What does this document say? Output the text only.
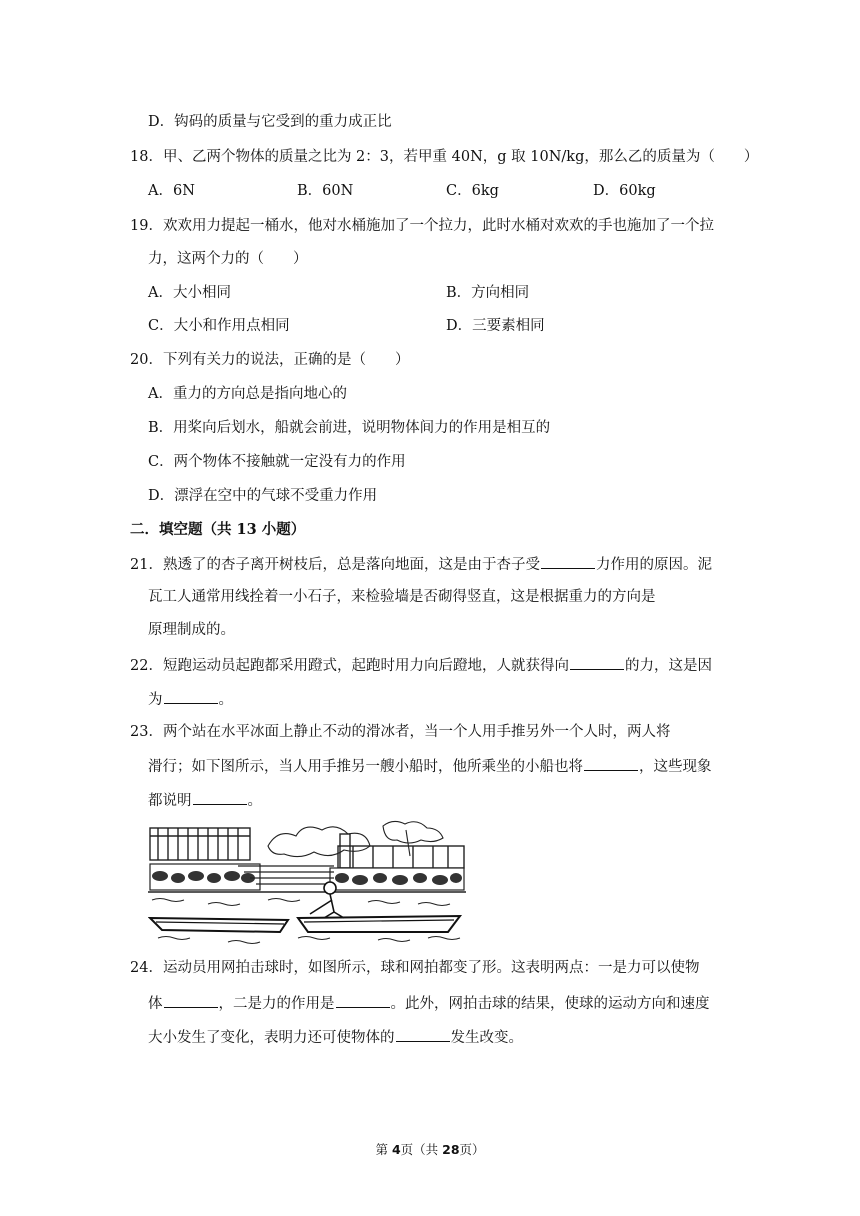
D．钩码的质量与它受到的重力成正比
18．甲、乙两个物体的质量之比为 2：3，若甲重 40N，g 取 10N/kg，那么乙的质量为（　　）
A．6N	B．60N	C．6kg	D．60kg
19．欢欢用力提起一桶水，他对水桶施加了一个拉力，此时水桶对欢欢的手也施加了一个拉
力，这两个力的（　　）
A．大小相同	B．方向相同
C．大小和作用点相同	D．三要素相同
20．下列有关力的说法，正确的是（　　）
A．重力的方向总是指向地心的
B．用桨向后划水，船就会前进，说明物体间力的作用是相互的
C．两个物体不接触就一定没有力的作用
D．漂浮在空中的气球不受重力作用
二．填空题（共 13 小题）
21．熟透了的杏子离开树枝后，总是落向地面，这是由于杏子受	力作用的原因。泥
瓦工人通常用线拴着一小石子，来检验墙是否砌得竖直，这是根据重力的方向是
原理制成的。
22．短跑运动员起跑都采用蹬式，起跑时用力向后蹬地，人就获得向	的力，这是因
为	。
23．两个站在水平冰面上静止不动的滑冰者，当一个人用手推另外一个人时，两人将
滑行；如下图所示，当人用手推另一艘小船时，他所乘坐的小船也将	，这些现象
都说明	。
24．运动员用网拍击球时，如图所示，球和网拍都变了形。这表明两点：一是力可以使物
体	，二是力的作用是	。此外，网拍击球的结果，使球的运动方向和速度
大小发生了变化，表明力还可使物体的	发生改变。
第 4页（共 28页）
